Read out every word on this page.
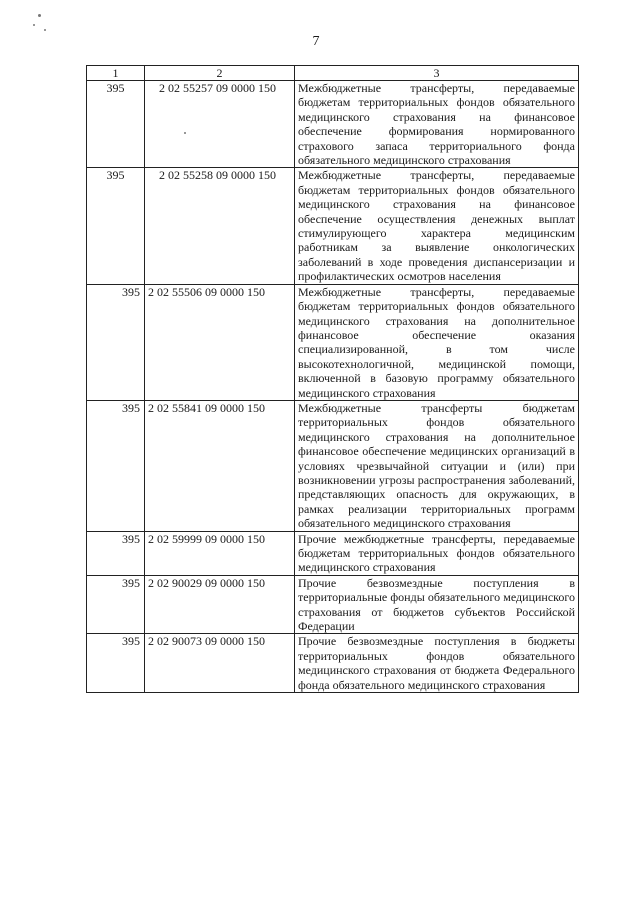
7
1	2	3
395	2 02 55257 09 0000 150	Межбюджетные трансферты, передаваемые бюджетам территориальных фондов обязательного медицинского страхования на финансовое обеспечение формирования нормированного страхового запаса территориального фонда обязательного медицинского страхования
395	2 02 55258 09 0000 150	Межбюджетные трансферты, передаваемые бюджетам территориальных фондов обязательного медицинского страхования на финансовое обеспечение осуществления денежных выплат стимулирующего характера медицинским работникам за выявление онкологических заболеваний в ходе проведения диспансеризации и профилактических осмотров населения
395	2 02 55506 09 0000 150	Межбюджетные трансферты, передаваемые бюджетам территориальных фондов обязательного медицинского страхования на дополнительное финансовое обеспечение оказания специализированной, в том числе высокотехнологичной, медицинской помощи, включенной в базовую программу обязательного медицинского страхования
395	2 02 55841 09 0000 150	Межбюджетные трансферты бюджетам территориальных фондов обязательного медицинского страхования на дополнительное финансовое обеспечение медицинских организаций в условиях чрезвычайной ситуации и (или) при возникновении угрозы распространения заболеваний, представляющих опасность для окружающих, в рамках реализации территориальных программ обязательного медицинского страхования
395	2 02 59999 09 0000 150	Прочие межбюджетные трансферты, передаваемые бюджетам территориальных фондов обязательного медицинского страхования
395	2 02 90029 09 0000 150	Прочие безвозмездные поступления в территориальные фонды обязательного медицинского страхования от бюджетов субъектов Российской Федерации
395	2 02 90073 09 0000 150	Прочие безвозмездные поступления в бюджеты территориальных фондов обязательного медицинского страхования от бюджета Федерального фонда обязательного медицинского страхования
